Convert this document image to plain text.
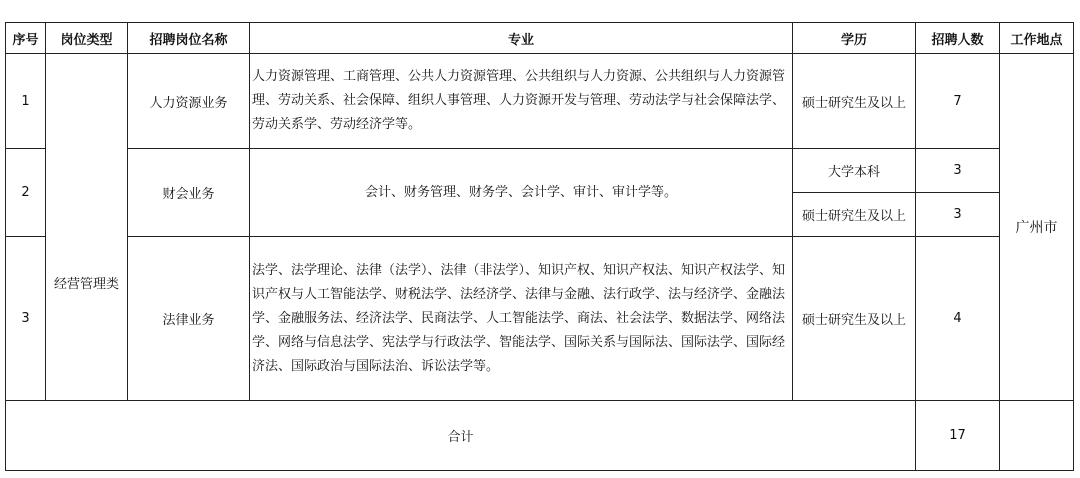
序号	岗位类型	招聘岗位名称	专业	学历	招聘人数	工作地点
1	经营管理类	人力资源业务	人力资源管理、工商管理、公共人力资源管理、公共组织与人力资源、公共组织与人力资源管理、劳动关系、社会保障、组织人事管理、人力资源开发与管理、劳动法学与社会保障法学、劳动关系学、劳动经济学等。	硕士研究生及以上	7	广州市
2		财会业务	会计、财务管理、财务学、会计学、审计、审计学等。	大学本科	3	
				硕士研究生及以上	3	
3		法律业务	法学、法学理论、法律（法学）、法律（非法学）、知识产权、知识产权法、知识产权法学、知识产权与人工智能法学、财税法学、法经济学、法律与金融、法行政学、法与经济学、金融法学、金融服务法、经济法学、民商法学、人工智能法学、商法、社会法学、数据法学、网络法学、网络与信息法学、宪法学与行政法学、智能法学、国际关系与国际法、国际法学、国际经济法、国际政治与国际法治、诉讼法学等。	硕士研究生及以上	4	
合计					17	
